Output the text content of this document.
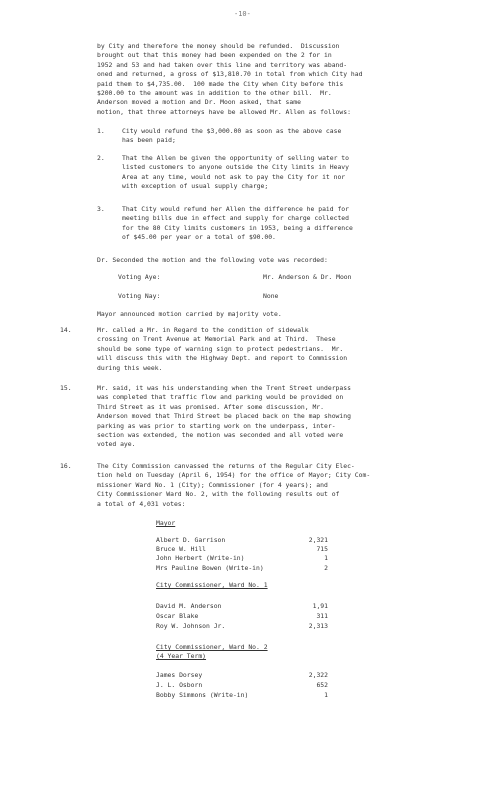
-10-
by City and therefore the money should be refunded.  Discussion
brought out that this money had been expended on the 2 for in
1952 and 53 and had taken over this line and territory was aband-
oned and returned, a gross of $13,810.70 in total from which City had
paid them to $4,735.00.  100 made the City when City before this
$200.00 to the amount was in addition to the other bill.  Mr.
Anderson moved a motion and Dr. Moon asked, that same
motion, that three attorneys have be allowed Mr. Allen as follows:
1.	City would refund the $3,000.00 as soon as the above case
has been paid;
2.	That the Allen be given the opportunity of selling water to
listed customers to anyone outside the City limits in Heavy
Area at any time, would not ask to pay the City for it nor
with exception of usual supply charge;
3.	That City would refund her Allen the difference he paid for
meeting bills due in effect and supply for charge collected
for the 80 City limits customers in 1953, being a difference
of $45.00 per year or a total of $90.00.
Dr. Seconded the motion and the following vote was recorded:
Voting Aye:	Mr. Anderson & Dr. Moon
Voting Nay:	None
Mayor announced motion carried by majority vote.
14.	Mr. called a Mr. in Regard to the condition of sidewalk
crossing on Trent Avenue at Memorial Park and at Third.  These
should be some type of warning sign to protect pedestrians.  Mr.
will discuss this with the Highway Dept. and report to Commission
during this week.
15.	Mr. said, it was his understanding when the Trent Street underpass
was completed that traffic flow and parking would be provided on
Third Street as it was promised. After some discussion, Mr.
Anderson moved that Third Street be placed back on the map showing
parking as was prior to starting work on the underpass, inter-
section was extended, the motion was seconded and all voted were
voted aye.
16.	The City Commission canvassed the returns of the Regular City Elec-
tion held on Tuesday (April 6, 1954) for the office of Mayor; City Com-
missioner Ward No. 1 (City); Commissioner (for 4 years); and
City Commissioner Ward No. 2, with the following results out of
a total of 4,031 votes:
Mayor
Albert D. Garrison	2,321
Bruce W. Hill	715
John Herbert (Write-in)	1
Mrs Pauline Bowen (Write-in)	2
City Commissioner, Ward No. 1
David M. Anderson	1,91
Oscar Blake	311
Roy W. Johnson Jr.	2,313
City Commissioner, Ward No. 2
(4 Year Term)
James Dorsey	2,322
J. L. Osborn	652
Bobby Simmons (Write-in)	1
